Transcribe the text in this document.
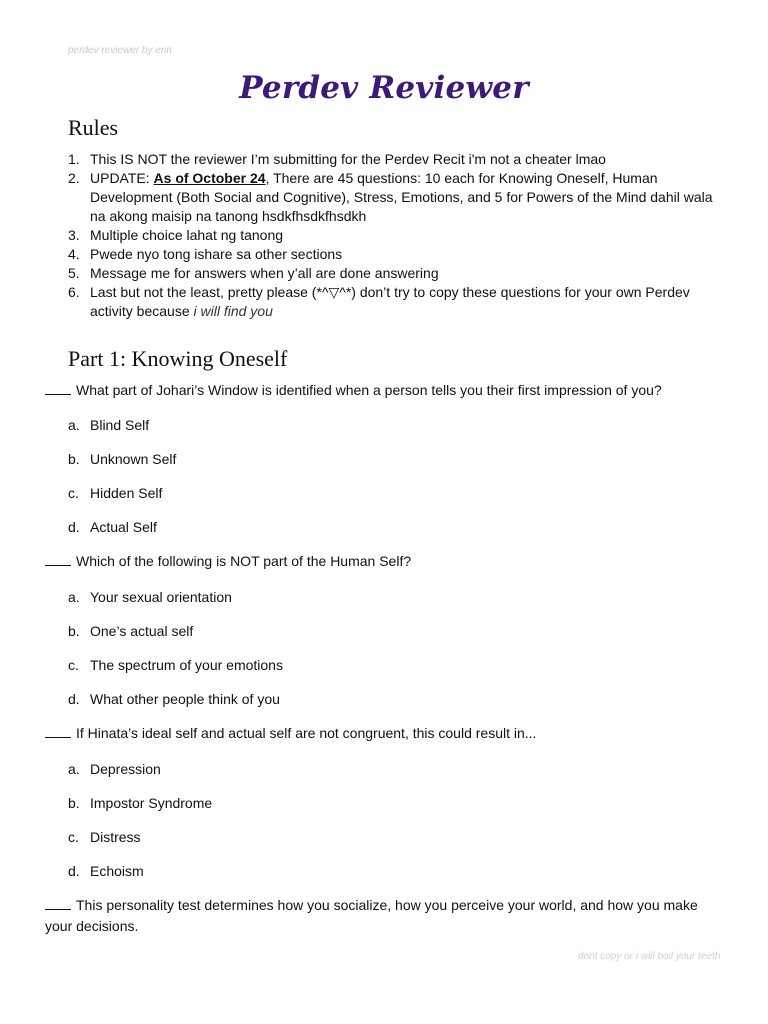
perdev reviewer by erin
Perdev Reviewer
Rules
1. This IS NOT the reviewer I’m submitting for the Perdev Recit i'm not a cheater lmao
2. UPDATE: As of October 24, There are 45 questions: 10 each for Knowing Oneself, Human Development (Both Social and Cognitive), Stress, Emotions, and 5 for Powers of the Mind dahil wala na akong maisip na tanong hsdkfhsdkfhsdkh
3. Multiple choice lahat ng tanong
4. Pwede nyo tong ishare sa other sections
5. Message me for answers when y’all are done answering
6. Last but not the least, pretty please (*^▽^*) don’t try to copy these questions for your own Perdev activity because i will find you
Part 1: Knowing Oneself
What part of Johari’s Window is identified when a person tells you their first impression of you?
a. Blind Self
b. Unknown Self
c. Hidden Self
d. Actual Self
Which of the following is NOT part of the Human Self?
a. Your sexual orientation
b. One’s actual self
c. The spectrum of your emotions
d. What other people think of you
If Hinata’s ideal self and actual self are not congruent, this could result in...
a. Depression
b. Impostor Syndrome
c. Distress
d. Echoism
This personality test determines how you socialize, how you perceive your world, and how you make your decisions.
dont copy or i will boil your teeth
